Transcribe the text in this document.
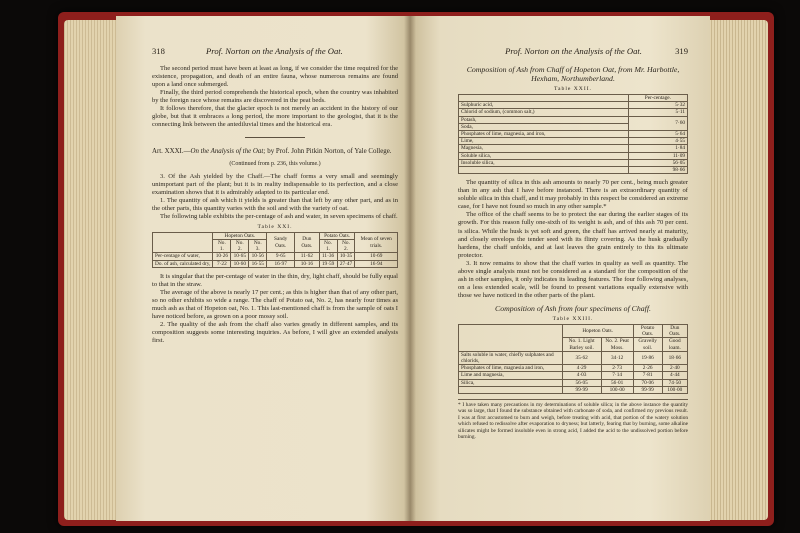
318	Prof. Norton on the Analysis of the Oat.

The second period must have been at least as long, if we consider the time required for the existence, propagation, and death of an entire fauna, whose numerous remains are found upon a land once submerged.

Finally, the third period comprehends the historical epoch, when the country was inhabited by the foreign race whose remains are discovered in the peat beds.

It follows therefore, that the glacier epoch is not merely an accident in the history of our globe, but that it embraces a long period, the more important to the geologist, that it is the connecting link between the antediluvial times and the historical era.

Art. XXXI.—On the Analysis of the Oat; by Prof. John Pitkin Norton, of Yale College.

(Continued from p. 236, this volume.)

3. Of the Ash yielded by the Chaff.—The chaff forms a very small and seemingly unimportant part of the plant; but it is in reality indispensable to its perfection, and a close examination shows that it is admirably adapted to its particular end.

1. The quantity of ash which it yields is greater than that left by any other part, and as in the other parts, this quantity varies with the soil and with the variety of oat.

The following table exhibits the per-centage of ash and water, in seven specimens of chaff.

Table XXI.

	Hopeton Oats.			Sandy Oats.	Dun Oats.	Potato Oats.		Mean of seven trials.
	No. 1.	No. 2.	No. 3.			No. 1.	No. 2.	
Per-centage of water,	10·26	10·65	10·56	9·65	11·62	11·36	10·35	10·69
Do. of ash, calculated dry,	7·22	10·60	16·55	16·97	10·16	19·59	27·47	16·94

It is singular that the per-centage of water in the thin, dry, light chaff, should be fully equal to that in the straw.

The average of the above is nearly 17 per cent.; as this is higher than that of any other part, so no other exhibits so wide a range. The chaff of Potato oat, No. 2, has nearly four times as much ash as that of Hopeton oat, No. 1. This last-mentioned chaff is from the sample of oats I have noticed before, as grown on a poor mossy soil.

2. The quality of the ash from the chaff also varies greatly in different samples, and its composition suggests some interesting inquiries. As before, I will give an extended analysis first.

Prof. Norton on the Analysis of the Oat.	319

Composition of Ash from Chaff of Hopeton Oat, from Mr. Harbottle, Hexham, Northumberland.

Table XXII.

	Per-centage.
Sulphuric acid,	5·32
Chlorid of sodium, (common salt,)	5·11
Potash,	7·60
Soda,	
Phosphates of lime, magnesia, and iron,	5·64
Lime,	4·55
Magnesia,	1·84
Soluble silica,	11·09
Insoluble silica,	56·05
	98·66

The quantity of silica in this ash amounts to nearly 70 per cent., being much greater than in any ash that I have before instanced. There is an extraordinary quantity of soluble silica in this chaff, and it may probably in this respect be considered an extreme case, for I have not found so much in any other sample.*

The office of the chaff seems to be to protect the ear during the earlier stages of its growth. For this reason fully one-sixth of its weight is ash, and of this ash 70 per cent. is silica. While the husk is yet soft and green, the chaff has arrived nearly at maturity, and closely envelops the tender seed with its flinty covering. As the husk gradually hardens, the chaff unfolds, and at last leaves the grain entirely to this its ultimate protector.

3. It now remains to show that the chaff varies in quality as well as quantity. The above single analysis must not be considered as a standard for the composition of the ash in other samples, it only indicates its leading features. The four following analyses, on a less extended scale, will be found to present variations equally extensive with those we have noticed in the other parts of the plant.

Composition of Ash from four specimens of Chaff.

Table XXIII.

	Hopeton Oats.		Potato Oats.	Dun Oats.
	No. 1. Light Barley soil.	No. 2. Peat Moss.	Gravelly soil.	Good loam.
Salts soluble in water, chiefly sulphates and chlorids,	35·62	34·12	19·86	18·66
Phosphates of lime, magnesia and iron,	4·29	2·73	2·26	2·40
Lime and magnesia,	4·03	7·14	7·81	4·44
Silica,	56·05	56·01	70·06	74·50
	99·99	100·00	99·99	100·00

* I have taken many precautions in my determinations of soluble silica; in the above instance the quantity was so large, that I found the substance obtained with carbonate of soda, and confirmed my previous result. I was at first accustomed to burn and weigh, before treating with acid, that portion of the watery solution which refused to redissolve after evaporation to dryness; but latterly, fearing that by burning, some alkaline silicates might be formed insoluble even in strong acid, I added the acid to the undissolved portion before burning.
